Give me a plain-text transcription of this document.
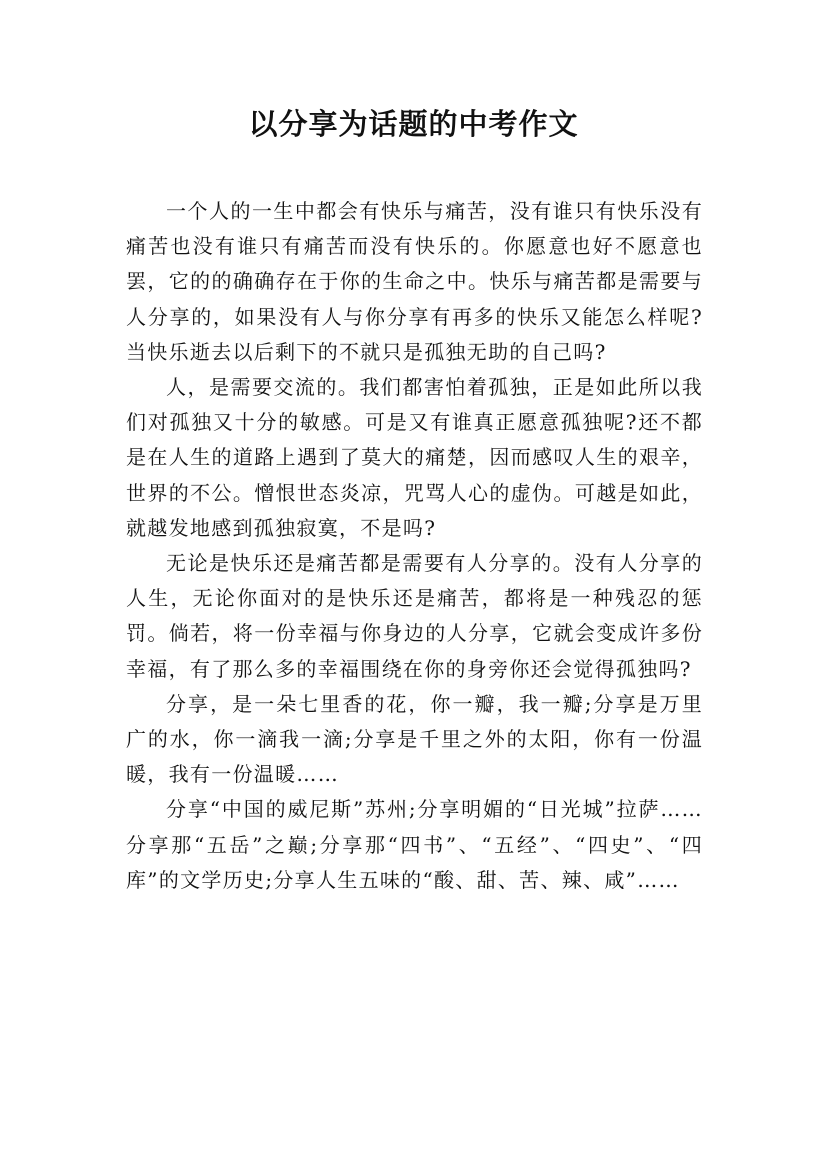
以分享为话题的中考作文

一个人的一生中都会有快乐与痛苦，没有谁只有快乐没有痛苦也没有谁只有痛苦而没有快乐的。你愿意也好不愿意也罢，它的的确确存在于你的生命之中。快乐与痛苦都是需要与人分享的，如果没有人与你分享有再多的快乐又能怎么样呢?当快乐逝去以后剩下的不就只是孤独无助的自己吗?

人，是需要交流的。我们都害怕着孤独，正是如此所以我们对孤独又十分的敏感。可是又有谁真正愿意孤独呢?还不都是在人生的道路上遇到了莫大的痛楚，因而感叹人生的艰辛，世界的不公。憎恨世态炎凉，咒骂人心的虚伪。可越是如此，就越发地感到孤独寂寞，不是吗?

无论是快乐还是痛苦都是需要有人分享的。没有人分享的人生，无论你面对的是快乐还是痛苦，都将是一种残忍的惩罚。倘若，将一份幸福与你身边的人分享，它就会变成许多份幸福，有了那么多的幸福围绕在你的身旁你还会觉得孤独吗?

分享，是一朵七里香的花，你一瓣，我一瓣;分享是万里广的水，你一滴我一滴;分享是千里之外的太阳，你有一份温暖，我有一份温暖……

分享“中国的威尼斯”苏州;分享明媚的“日光城”拉萨……分享那“五岳”之巅;分享那“四书”、“五经”、“四史”、“四库”的文学历史;分享人生五味的“酸、甜、苦、辣、咸”……
